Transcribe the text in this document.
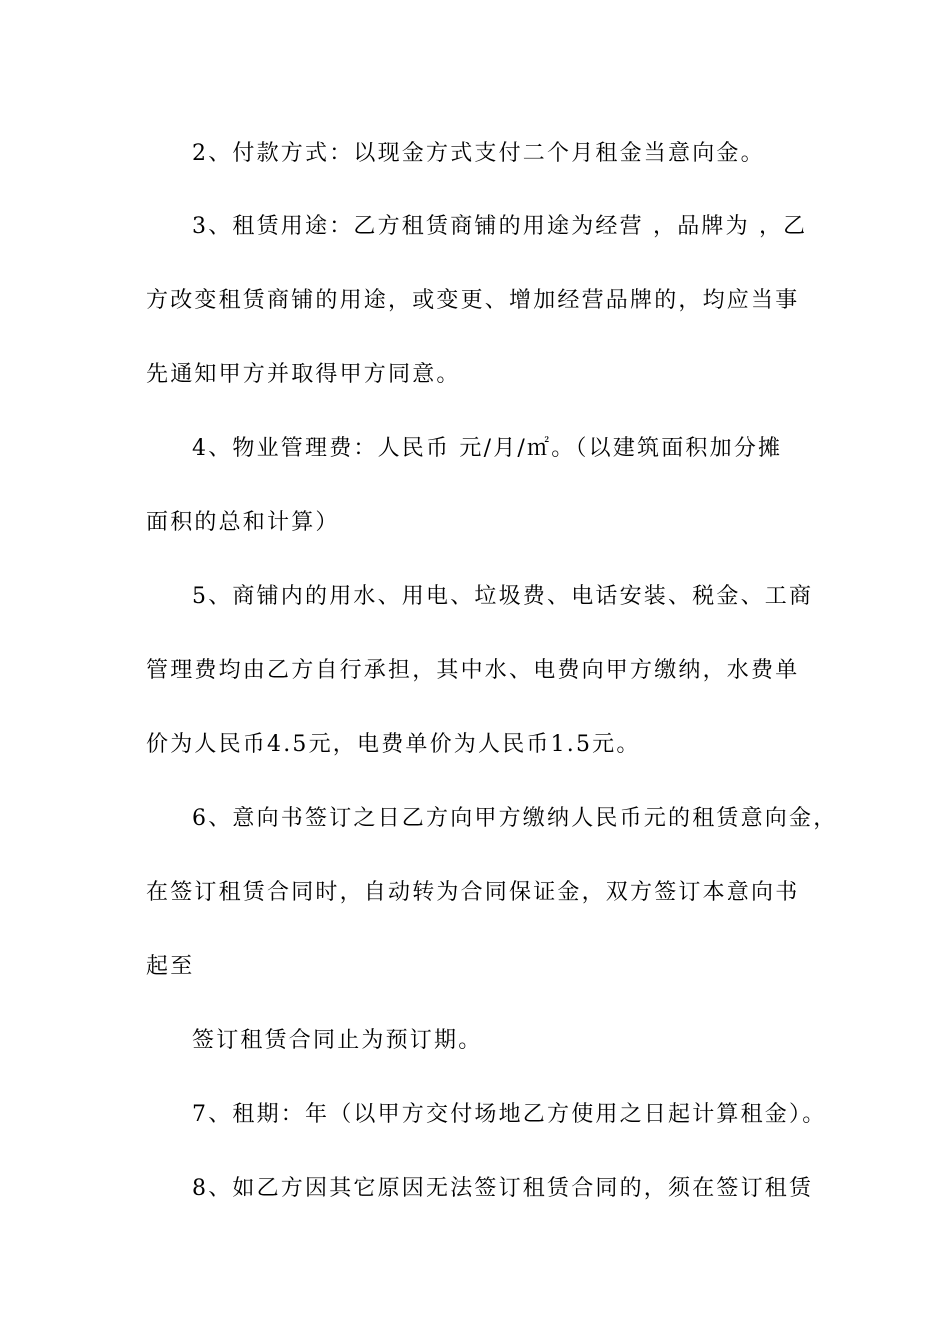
2、付款方式：以现金方式支付二个月租金当意向金。
3、租赁用途：乙方租赁商铺的用途为经营 ，品牌为 ，乙
方改变租赁商铺的用途，或变更、增加经营品牌的，均应当事
先通知甲方并取得甲方同意。
4、物业管理费：人民币 元/月/㎡。（以建筑面积加分摊
面积的总和计算）
5、商铺内的用水、用电、垃圾费、电话安装、税金、工商
管理费均由乙方自行承担，其中水、电费向甲方缴纳，水费单
价为人民币4.5元，电费单价为人民币1.5元。
6、意向书签订之日乙方向甲方缴纳人民币元的租赁意向金，
在签订租赁合同时，自动转为合同保证金，双方签订本意向书
起至
签订租赁合同止为预订期。
7、租期：年（以甲方交付场地乙方使用之日起计算租金）。
8、如乙方因其它原因无法签订租赁合同的，须在签订租赁
